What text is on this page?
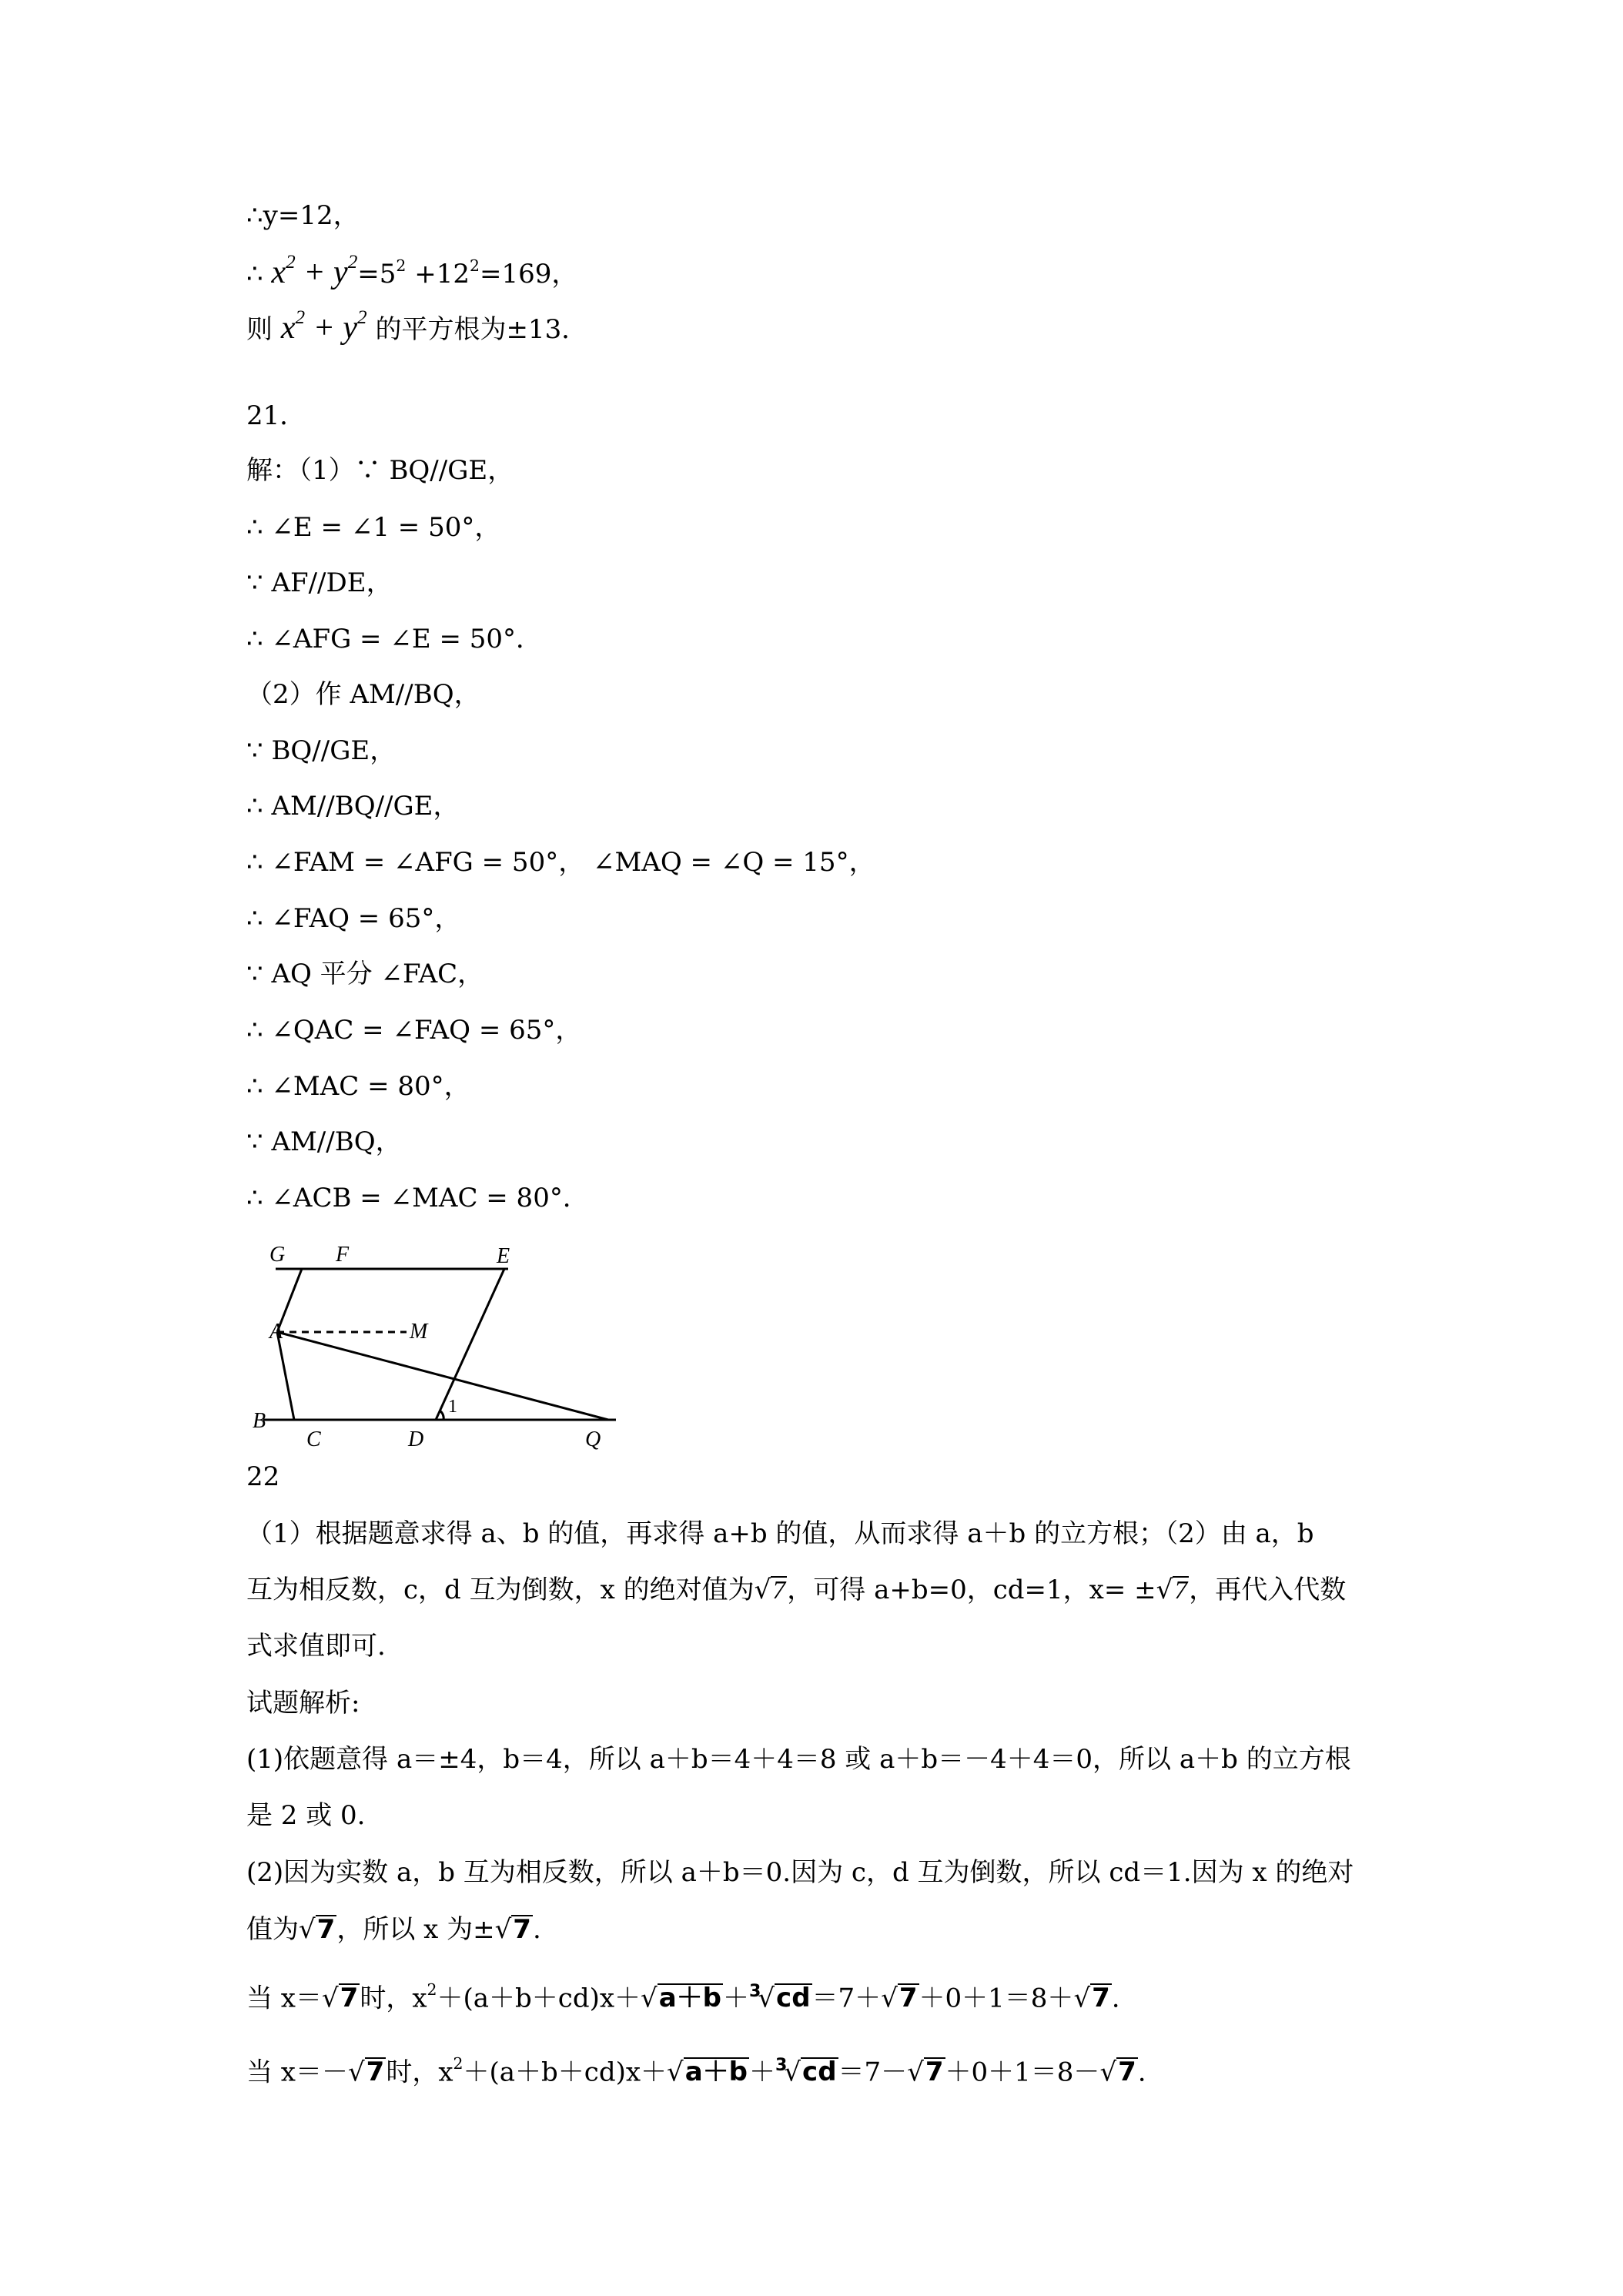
∴y=12，
∴ $x^2 + y^2=5^2 +12^2=169$，
则 $x^2 + y^2$ 的平方根为±13．
21．
解：（1）∵ BQ//GE，
∴ ∠E = ∠1 = 50°，
∵ AF//DE，
∴ ∠AFG = ∠E = 50°．
（2）作 AM//BQ，
∵ BQ//GE，
∴ AM//BQ//GE，
∴ ∠FAM = ∠AFG = 50°， ∠MAQ = ∠Q = 15°，
∴ ∠FAQ = 65°，
∵ AQ 平分 ∠FAC，
∴ ∠QAC = ∠FAQ = 65°，
∴ ∠MAC = 80°，
∵ AM//BQ，
∴ ∠ACB = ∠MAC = 80°．
G F	E
A	M
B
C	D
1
Q
22
（1）根据题意求得 a、b 的值，再求得 a+b 的值，从而求得 a＋b 的立方根；（2）由 a，b
互为相反数，c，d 互为倒数，x 的绝对值为√7，可得 a+b=0，cd=1，x= ±√7，再代入代数
式求值即可.
试题解析:
(1)依题意得 a＝±4，b＝4，所以 a＋b＝4＋4＝8 或 a＋b＝－4＋4＝0，所以 a＋b 的立方根
是 2 或 0.
(2)因为实数 a，b 互为相反数，所以 a＋b＝0.因为 c，d 互为倒数，所以 cd＝1.因为 x 的绝对
值为√7，所以 x 为±√7.
当 x＝√7时，$x^2+(a+b+cd)x+√a+b+^3√cd=7+√7+0+1=8+√7$.
当 x＝－√7时，$x^2+(a+b+cd)x+√a+b+^3√cd=7-√7+0+1=8-√7$.
